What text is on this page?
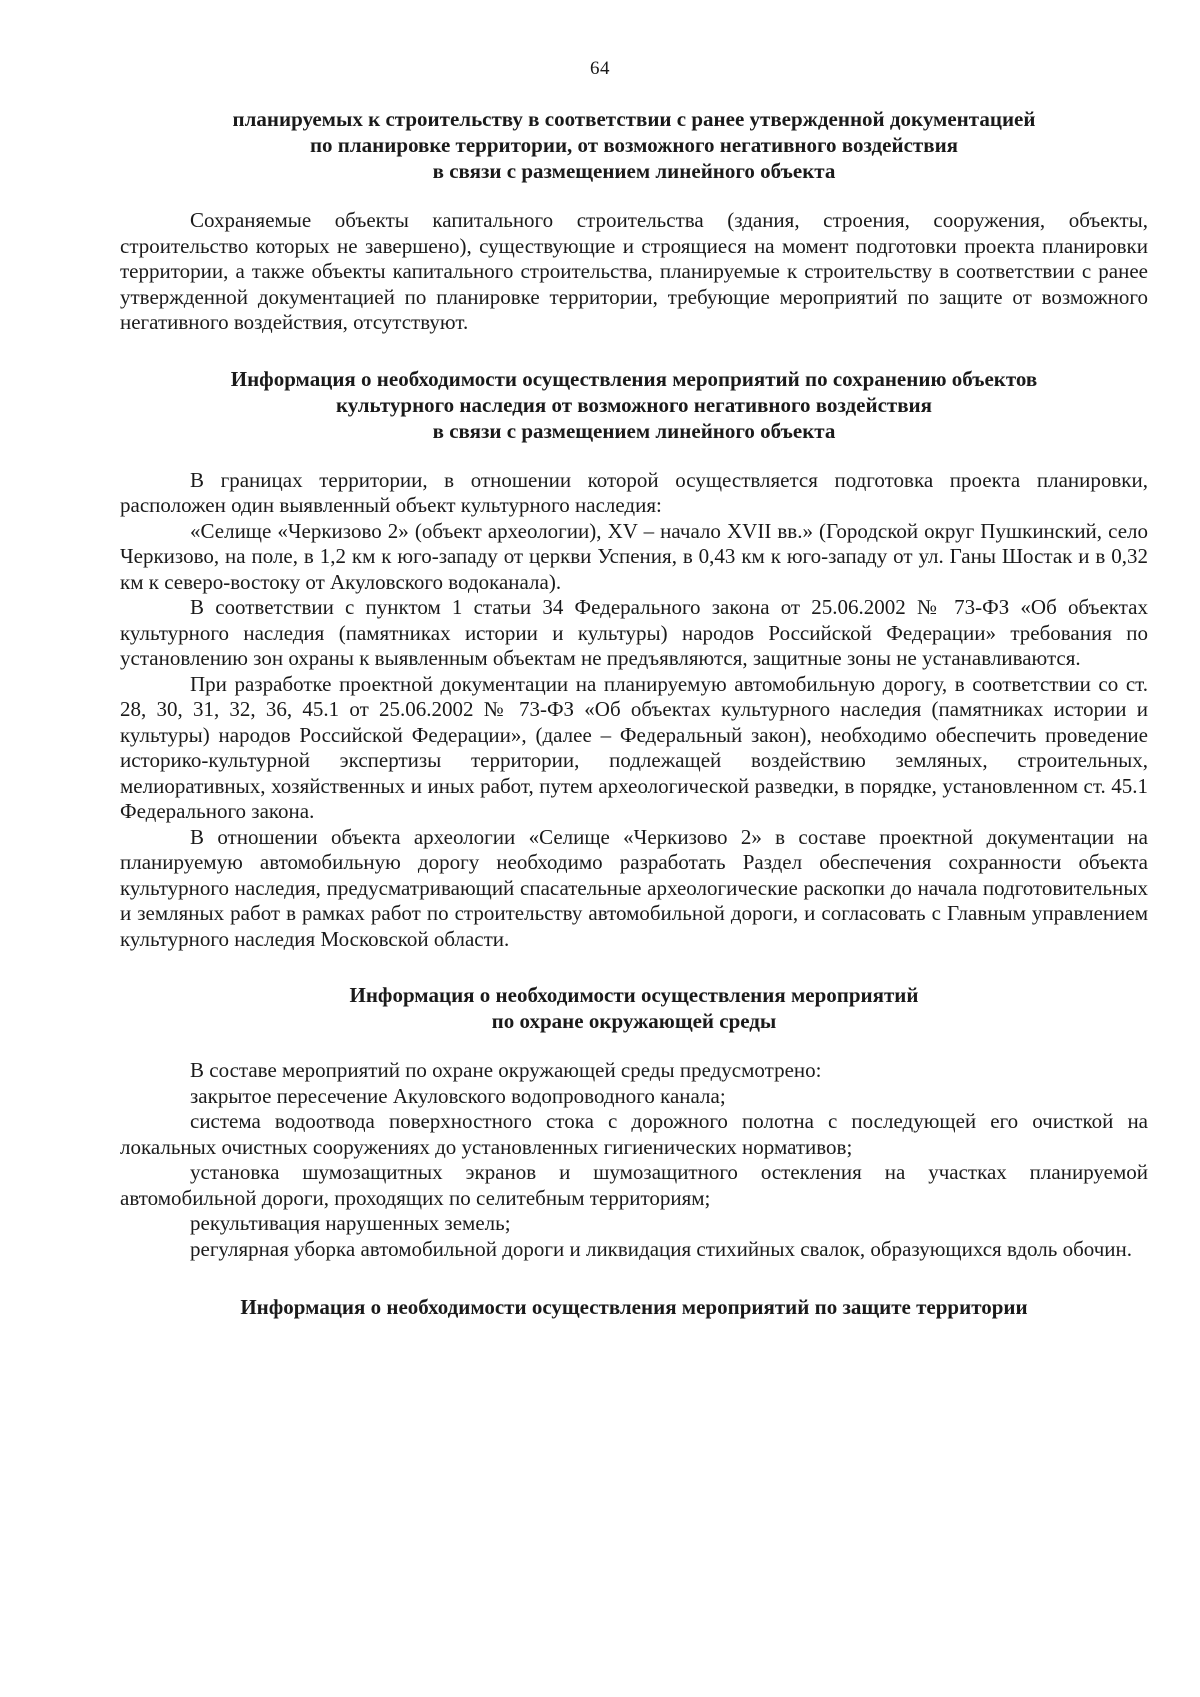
64
планируемых к строительству в соответствии с ранее утвержденной документацией
по планировке территории, от возможного негативного воздействия
в связи с размещением линейного объекта

Сохраняемые объекты капитального строительства (здания, строения, сооружения, объекты, строительство которых не завершено), существующие и строящиеся на момент подготовки проекта планировки территории, а также объекты капитального строительства, планируемые к строительству в соответствии с ранее утвержденной документацией по планировке территории, требующие мероприятий по защите от возможного негативного воздействия, отсутствуют.

Информация о необходимости осуществления мероприятий по сохранению объектов
культурного наследия от возможного негативного воздействия
в связи с размещением линейного объекта

В границах территории, в отношении которой осуществляется подготовка проекта планировки, расположен один выявленный объект культурного наследия:

«Селище «Черкизово 2» (объект археологии), XV – начало XVII вв.» (Городской округ Пушкинский, село Черкизово, на поле, в 1,2 км к юго-западу от церкви Успения, в 0,43 км к юго-западу от ул. Ганы Шостак и в 0,32 км к северо-востоку от Акуловского водоканала).

В соответствии с пунктом 1 статьи 34 Федерального закона от 25.06.2002 № 73-ФЗ «Об объектах культурного наследия (памятниках истории и культуры) народов Российской Федерации» требования по установлению зон охраны к выявленным объектам не предъявляются, защитные зоны не устанавливаются.

При разработке проектной документации на планируемую автомобильную дорогу, в соответствии со ст. 28, 30, 31, 32, 36, 45.1 от 25.06.2002 № 73-ФЗ «Об объектах культурного наследия (памятниках истории и культуры) народов Российской Федерации», (далее – Федеральный закон), необходимо обеспечить проведение историко-культурной экспертизы территории, подлежащей воздействию земляных, строительных, мелиоративных, хозяйственных и иных работ, путем археологической разведки, в порядке, установленном ст. 45.1 Федерального закона.

В отношении объекта археологии «Селище «Черкизово 2» в составе проектной документации на планируемую автомобильную дорогу необходимо разработать Раздел обеспечения сохранности объекта культурного наследия, предусматривающий спасательные археологические раскопки до начала подготовительных и земляных работ в рамках работ по строительству автомобильной дороги, и согласовать с Главным управлением культурного наследия Московской области.

Информация о необходимости осуществления мероприятий
по охране окружающей среды

В составе мероприятий по охране окружающей среды предусмотрено:

закрытое пересечение Акуловского водопроводного канала;

система водоотвода поверхностного стока с дорожного полотна с последующей его очисткой на локальных очистных сооружениях до установленных гигиенических нормативов;

установка шумозащитных экранов и шумозащитного остекления на участках планируемой автомобильной дороги, проходящих по селитебным территориям;

рекультивация нарушенных земель;

регулярная уборка автомобильной дороги и ликвидация стихийных свалок, образующихся вдоль обочин.

Информация о необходимости осуществления мероприятий по защите территории
